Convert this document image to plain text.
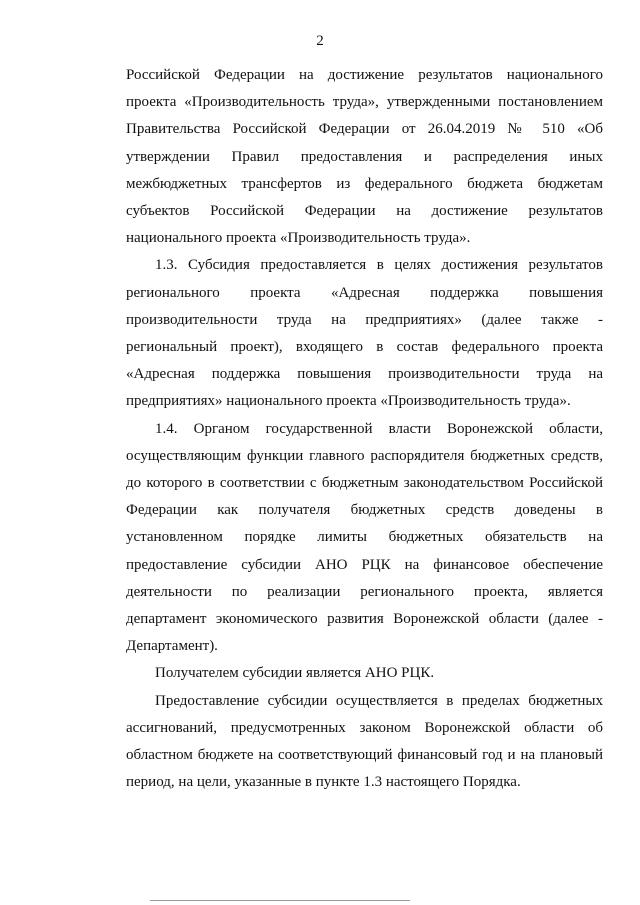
2

Российской Федерации на достижение результатов национального проекта «Производительность труда», утвержденными постановлением Правительства Российской Федерации от 26.04.2019 № 510 «Об утверждении Правил предоставления и распределения иных межбюджетных трансфертов из федерального бюджета бюджетам субъектов Российской Федерации на достижение результатов национального проекта «Производительность труда».

1.3. Субсидия предоставляется в целях достижения результатов регионального проекта «Адресная поддержка повышения производительности труда на предприятиях» (далее также - региональный проект), входящего в состав федерального проекта «Адресная поддержка повышения производительности труда на предприятиях» национального проекта «Производительность труда».

1.4. Органом государственной власти Воронежской области, осуществляющим функции главного распорядителя бюджетных средств, до которого в соответствии с бюджетным законодательством Российской Федерации как получателя бюджетных средств доведены в установленном порядке лимиты бюджетных обязательств на предоставление субсидии АНО РЦК на финансовое обеспечение деятельности по реализации регионального проекта, является департамент экономического развития Воронежской области (далее - Департамент).

Получателем субсидии является АНО РЦК.

Предоставление субсидии осуществляется в пределах бюджетных ассигнований, предусмотренных законом Воронежской области об областном бюджете на соответствующий финансовый год и на плановый период, на цели, указанные в пункте 1.3 настоящего Порядка.
